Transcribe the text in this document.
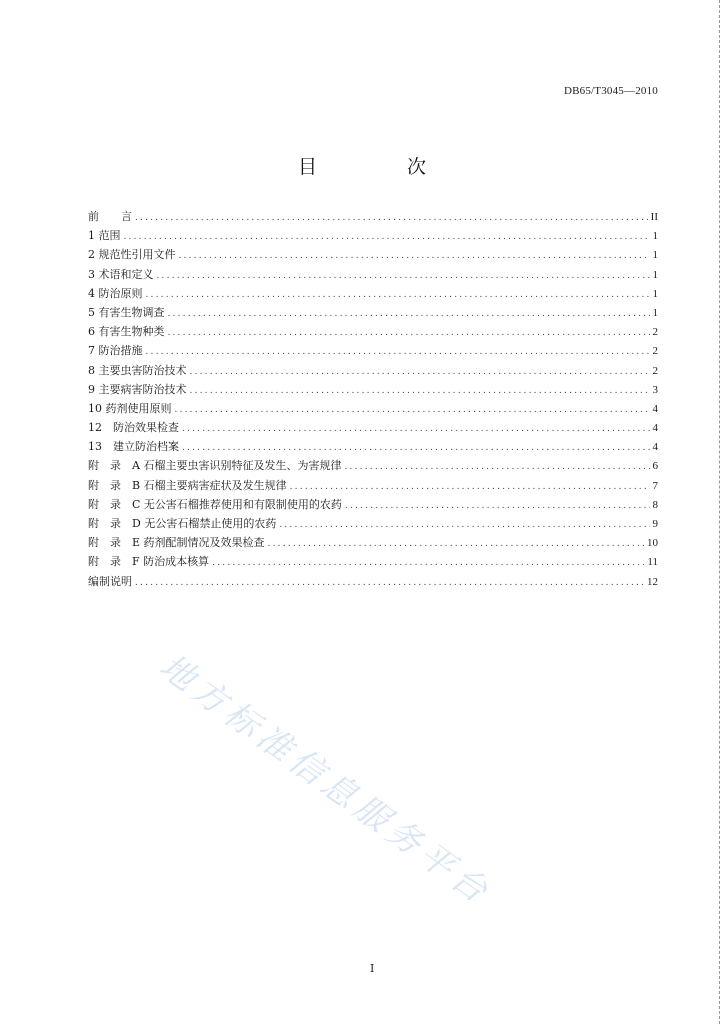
DB65/T3045—2010
目 次
前　　言 .....	II
1 范围 .....	1
2 规范性引用文件 .....	1
3 术语和定义 .....	1
4 防治原则 .....	1
5 有害生物调查 .....	1
6 有害生物种类 .....	2
7 防治措施 .....	2
8 主要虫害防治技术 .....	2
9 主要病害防治技术 .....	3
10 药剂使用原则 .....	4
12　防治效果检查 .....	4
13　建立防治档案 .....	4
附　录　A 石榴主要虫害识别特征及发生、为害规律 .....	6
附　录　B 石榴主要病害症状及发生规律 .....	7
附　录　C 无公害石榴推荐使用和有限制使用的农药 .....	8
附　录　D 无公害石榴禁止使用的农药 .....	9
附　录　E 药剂配制情况及效果检查 .....	10
附　录　F 防治成本核算 .....	11
编制说明 .....	12
地方标准信息服务平台
I
